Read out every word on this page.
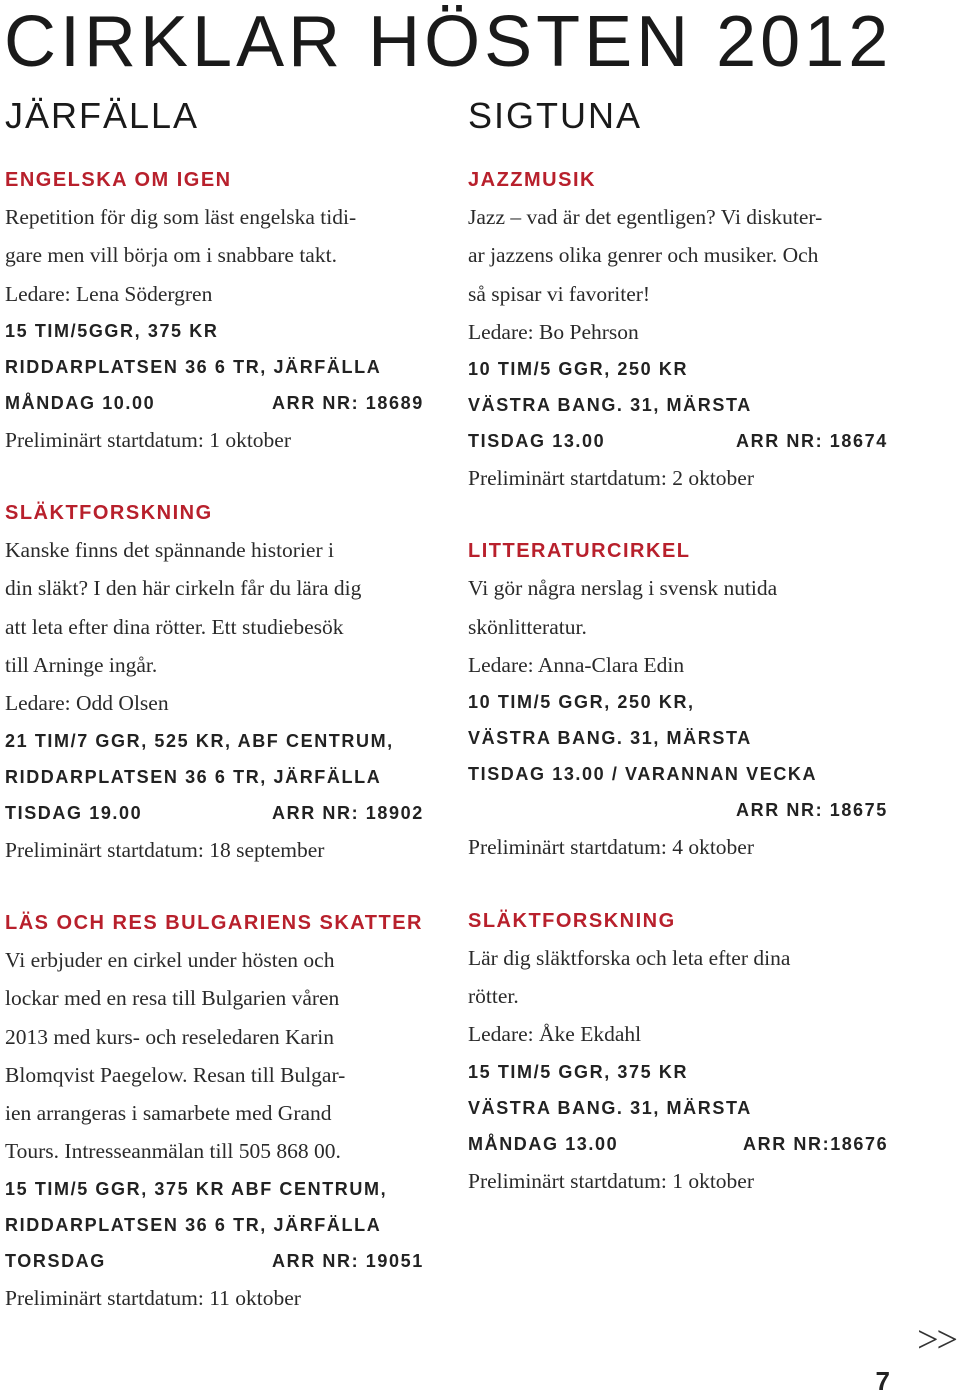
CIRKLAR HÖSTEN 2012
JÄRFÄLLA
ENGELSKA OM IGEN
Repetition för dig som läst engelska tidi-
gare men vill börja om i snabbare takt.
Ledare: Lena Södergren
15 TIM/5GGR, 375 KR
RIDDARPLATSEN 36 6 TR, JÄRFÄLLA
MÅNDAG 10.00	ARR NR: 18689
Preliminärt startdatum: 1 oktober
SLÄKTFORSKNING
Kanske finns det spännande historier i
din släkt? I den här cirkeln får du lära dig
att leta efter dina rötter. Ett studiebesök
till Arninge ingår.
Ledare: Odd Olsen
21 TIM/7 GGR, 525 KR, ABF CENTRUM,
RIDDARPLATSEN 36 6 TR, JÄRFÄLLA
TISDAG 19.00	ARR NR: 18902
Preliminärt startdatum: 18 september
LÄS OCH RES BULGARIENS SKATTER
Vi erbjuder en cirkel under hösten och
lockar med en resa till Bulgarien våren
2013 med kurs- och reseledaren Karin
Blomqvist Paegelow. Resan till Bulgar-
ien arrangeras i samarbete med Grand
Tours. Intresseanmälan till 505 868 00.
15 TIM/5 GGR, 375 KR ABF CENTRUM,
RIDDARPLATSEN 36 6 TR, JÄRFÄLLA
TORSDAG	ARR NR: 19051
Preliminärt startdatum: 11 oktober
SIGTUNA
JAZZMUSIK
Jazz – vad är det egentligen? Vi diskuter-
ar jazzens olika genrer och musiker. Och
så spisar vi favoriter!
Ledare: Bo Pehrson
10 TIM/5 GGR, 250 KR
VÄSTRA BANG. 31, MÄRSTA
TISDAG 13.00	ARR NR: 18674
Preliminärt startdatum: 2 oktober
LITTERATURCIRKEL
Vi gör några nerslag i svensk nutida
skönlitteratur.
Ledare: Anna-Clara Edin
10 TIM/5 GGR, 250 KR,
VÄSTRA BANG. 31, MÄRSTA
TISDAG 13.00 / VARANNAN VECKA
ARR NR: 18675
Preliminärt startdatum: 4 oktober
SLÄKTFORSKNING
Lär dig släktforska och leta efter dina
rötter.
Ledare: Åke Ekdahl
15 TIM/5 GGR, 375 KR
VÄSTRA BANG. 31, MÄRSTA
MÅNDAG 13.00	ARR NR:18676
Preliminärt startdatum: 1 oktober
>>
7
